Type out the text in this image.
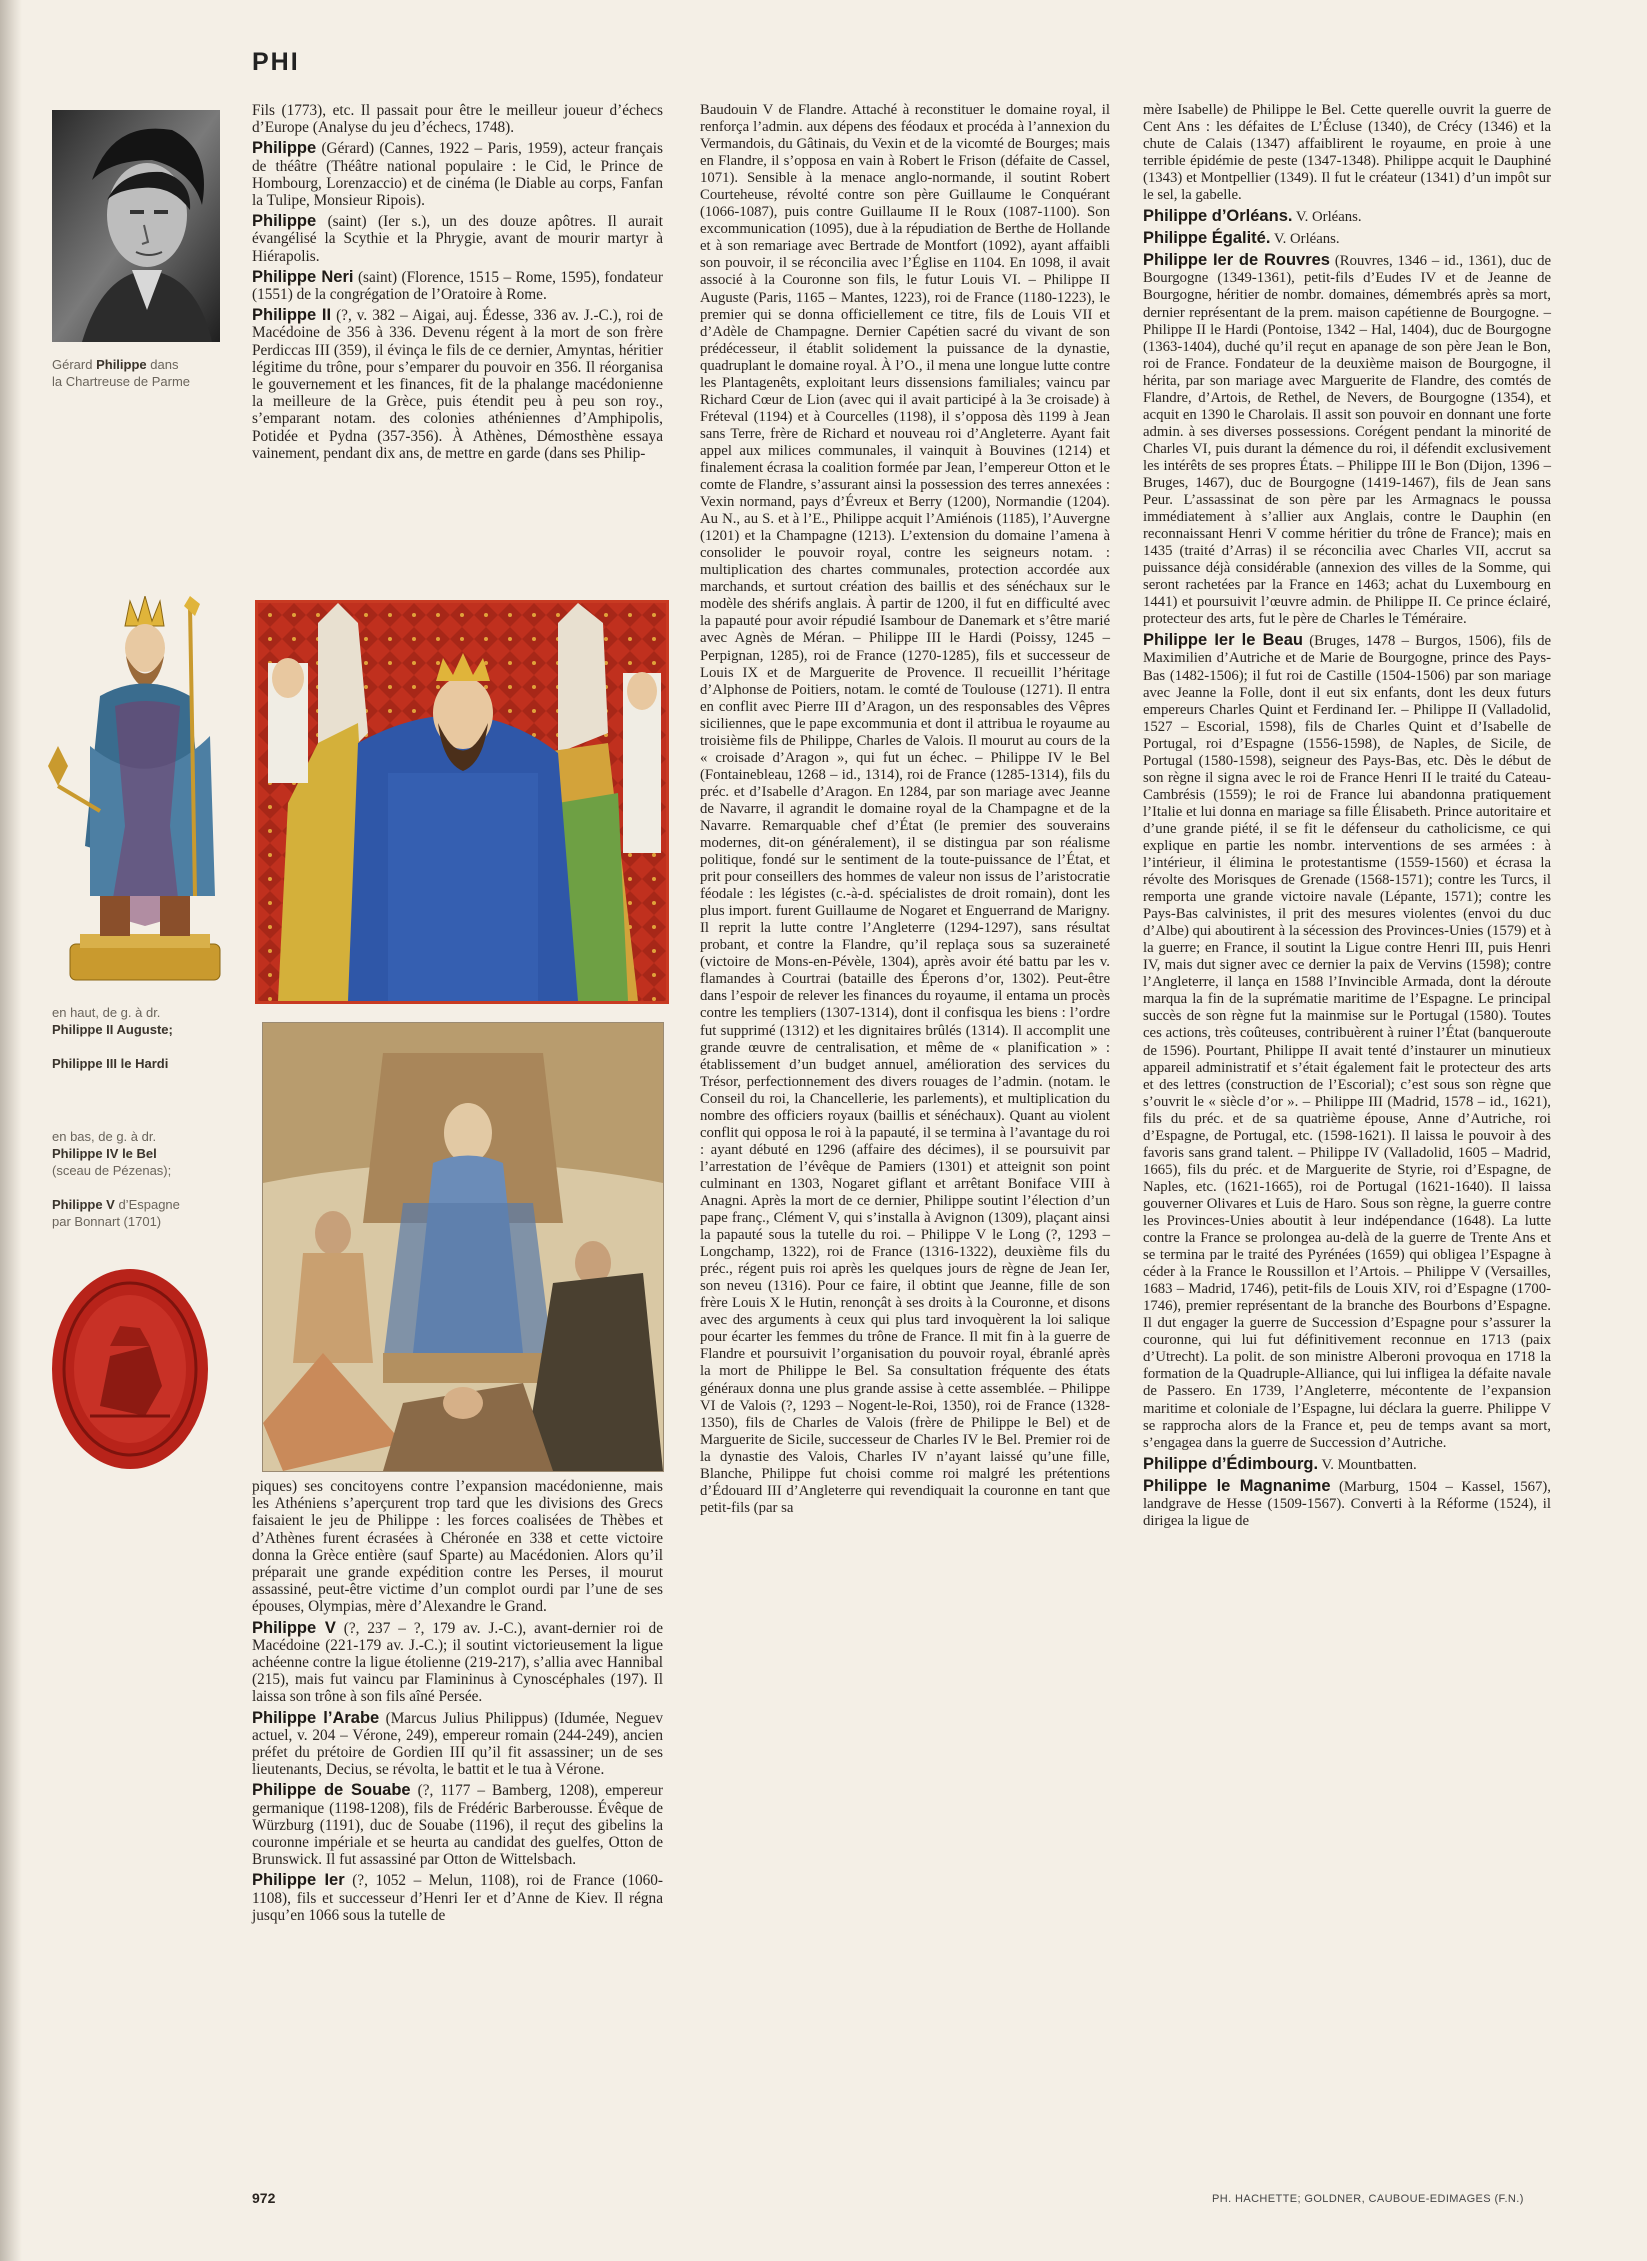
PHI
Gérard Philippe dans
la Chartreuse de Parme
en haut, de g. à dr.
Philippe II Auguste;

Philippe III le Hardi
en bas, de g. à dr.
Philippe IV le Bel
(sceau de Pézenas);

Philippe V d’Espagne
par Bonnart (1701)

Fils (1773), etc. Il passait pour être le meilleur joueur d’échecs d’Europe (Analyse du jeu d’échecs, 1748).

Philippe (Gérard) (Cannes, 1922 – Paris, 1959), acteur français de théâtre (Théâtre national populaire : le Cid, le Prince de Hombourg, Lorenzaccio) et de cinéma (le Diable au corps, Fanfan la Tulipe, Monsieur Ripois).

Philippe (saint) (Ier s.), un des douze apôtres. Il aurait évangélisé la Scythie et la Phrygie, avant de mourir martyr à Hiérapolis.

Philippe Neri (saint) (Florence, 1515 – Rome, 1595), fondateur (1551) de la congrégation de l’Oratoire à Rome.

Philippe II (?, v. 382 – Aigai, auj. Édesse, 336 av. J.-C.), roi de Macédoine de 356 à 336. Devenu régent à la mort de son frère Perdiccas III (359), il évinça le fils de ce dernier, Amyntas, héritier légitime du trône, pour s’emparer du pouvoir en 356. Il réorganisa le gouvernement et les finances, fit de la phalange macédonienne la meilleure de la Grèce, puis étendit peu à peu son roy., s’emparant notam. des colonies athéniennes d’Amphipolis, Potidée et Pydna (357-356). À Athènes, Démosthène essaya vainement, pendant dix ans, de mettre en garde (dans ses Philip-

piques) ses concitoyens contre l’expansion macédonienne, mais les Athéniens s’aperçurent trop tard que les divisions des Grecs faisaient le jeu de Philippe : les forces coalisées de Thèbes et d’Athènes furent écrasées à Chéronée en 338 et cette victoire donna la Grèce entière (sauf Sparte) au Macédonien. Alors qu’il préparait une grande expédition contre les Perses, il mourut assassiné, peut-être victime d’un complot ourdi par l’une de ses épouses, Olympias, mère d’Alexandre le Grand.

Philippe V (?, 237 – ?, 179 av. J.-C.), avant-dernier roi de Macédoine (221-179 av. J.-C.); il soutint victorieusement la ligue achéenne contre la ligue étolienne (219-217), s’allia avec Hannibal (215), mais fut vaincu par Flamininus à Cynoscéphales (197). Il laissa son trône à son fils aîné Persée.

Philippe l’Arabe (Marcus Julius Philippus) (Idumée, Neguev actuel, v. 204 – Vérone, 249), empereur romain (244-249), ancien préfet du prétoire de Gordien III qu’il fit assassiner; un de ses lieutenants, Decius, se révolta, le battit et le tua à Vérone.

Philippe de Souabe (?, 1177 – Bamberg, 1208), empereur germanique (1198-1208), fils de Frédéric Barberousse. Évêque de Würzburg (1191), duc de Souabe (1196), il reçut des gibelins la couronne impériale et se heurta au candidat des guelfes, Otton de Brunswick. Il fut assassiné par Otton de Wittelsbach.

Philippe Ier (?, 1052 – Melun, 1108), roi de France (1060-1108), fils et successeur d’Henri Ier et d’Anne de Kiev. Il régna jusqu’en 1066 sous la tutelle de

Baudouin V de Flandre. Attaché à reconstituer le domaine royal, il renforça l’admin. aux dépens des féodaux et procéda à l’annexion du Vermandois, du Gâtinais, du Vexin et de la vicomté de Bourges; mais en Flandre, il s’opposa en vain à Robert le Frison (défaite de Cassel, 1071). Sensible à la menace anglo-normande, il soutint Robert Courteheuse, révolté contre son père Guillaume le Conquérant (1066-1087), puis contre Guillaume II le Roux (1087-1100). Son excommunication (1095), due à la répudiation de Berthe de Hollande et à son remariage avec Bertrade de Montfort (1092), ayant affaibli son pouvoir, il se réconcilia avec l’Église en 1104. En 1098, il avait associé à la Couronne son fils, le futur Louis VI. – Philippe II Auguste (Paris, 1165 – Mantes, 1223), roi de France (1180-1223), le premier qui se donna officiellement ce titre, fils de Louis VII et d’Adèle de Champagne. Dernier Capétien sacré du vivant de son prédécesseur, il établit solidement la puissance de la dynastie, quadruplant le domaine royal. À l’O., il mena une longue lutte contre les Plantagenêts, exploitant leurs dissensions familiales; vaincu par Richard Cœur de Lion (avec qui il avait participé à la 3e croisade) à Fréteval (1194) et à Courcelles (1198), il s’opposa dès 1199 à Jean sans Terre, frère de Richard et nouveau roi d’Angleterre. Ayant fait appel aux milices communales, il vainquit à Bouvines (1214) et finalement écrasa la coalition formée par Jean, l’empereur Otton et le comte de Flandre, s’assurant ainsi la possession des terres annexées : Vexin normand, pays d’Évreux et Berry (1200), Normandie (1204). Au N., au S. et à l’E., Philippe acquit l’Amiénois (1185), l’Auvergne (1201) et la Champagne (1213). L’extension du domaine l’amena à consolider le pouvoir royal, contre les seigneurs notam. : multiplication des chartes communales, protection accordée aux marchands, et surtout création des baillis et des sénéchaux sur le modèle des shérifs anglais. À partir de 1200, il fut en difficulté avec la papauté pour avoir répudié Isambour de Danemark et s’être marié avec Agnès de Méran. – Philippe III le Hardi (Poissy, 1245 – Perpignan, 1285), roi de France (1270-1285), fils et successeur de Louis IX et de Marguerite de Provence. Il recueillit l’héritage d’Alphonse de Poitiers, notam. le comté de Toulouse (1271). Il entra en conflit avec Pierre III d’Aragon, un des responsables des Vêpres siciliennes, que le pape excommunia et dont il attribua le royaume au troisième fils de Philippe, Charles de Valois. Il mourut au cours de la « croisade d’Aragon », qui fut un échec. – Philippe IV le Bel (Fontainebleau, 1268 – id., 1314), roi de France (1285-1314), fils du préc. et d’Isabelle d’Aragon. En 1284, par son mariage avec Jeanne de Navarre, il agrandit le domaine royal de la Champagne et de la Navarre. Remarquable chef d’État (le premier des souverains modernes, dit-on généralement), il se distingua par son réalisme politique, fondé sur le sentiment de la toute-puissance de l’État, et prit pour conseillers des hommes de valeur non issus de l’aristocratie féodale : les légistes (c.-à-d. spécialistes de droit romain), dont les plus import. furent Guillaume de Nogaret et Enguerrand de Marigny. Il reprit la lutte contre l’Angleterre (1294-1297), sans résultat probant, et contre la Flandre, qu’il replaça sous sa suzeraineté (victoire de Mons-en-Pévèle, 1304), après avoir été battu par les v. flamandes à Courtrai (bataille des Éperons d’or, 1302). Peut-être dans l’espoir de relever les finances du royaume, il entama un procès contre les templiers (1307-1314), dont il confisqua les biens : l’ordre fut supprimé (1312) et les dignitaires brûlés (1314). Il accomplit une grande œuvre de centralisation, et même de « planification » : établissement d’un budget annuel, amélioration des services du Trésor, perfectionnement des divers rouages de l’admin. (notam. le Conseil du roi, la Chancellerie, les parlements), et multiplication du nombre des officiers royaux (baillis et sénéchaux). Quant au violent conflit qui opposa le roi à la papauté, il se termina à l’avantage du roi : ayant débuté en 1296 (affaire des décimes), il se poursuivit par l’arrestation de l’évêque de Pamiers (1301) et atteignit son point culminant en 1303, Nogaret giflant et arrêtant Boniface VIII à Anagni. Après la mort de ce dernier, Philippe soutint l’élection d’un pape franç., Clément V, qui s’installa à Avignon (1309), plaçant ainsi la papauté sous la tutelle du roi. – Philippe V le Long (?, 1293 – Longchamp, 1322), roi de France (1316-1322), deuxième fils du préc., régent puis roi après les quelques jours de règne de Jean Ier, son neveu (1316). Pour ce faire, il obtint que Jeanne, fille de son frère Louis X le Hutin, renonçât à ses droits à la Couronne, et disons avec des arguments à ceux qui plus tard invoquèrent la loi salique pour écarter les femmes du trône de France. Il mit fin à la guerre de Flandre et poursuivit l’organisation du pouvoir royal, ébranlé après la mort de Philippe le Bel. Sa consultation fréquente des états généraux donna une plus grande assise à cette assemblée. – Philippe VI de Valois (?, 1293 – Nogent-le-Roi, 1350), roi de France (1328-1350), fils de Charles de Valois (frère de Philippe le Bel) et de Marguerite de Sicile, successeur de Charles IV le Bel. Premier roi de la dynastie des Valois, Charles IV n’ayant laissé qu’une fille, Blanche, Philippe fut choisi comme roi malgré les prétentions d’Édouard III d’Angleterre qui revendiquait la couronne en tant que petit-fils (par sa

mère Isabelle) de Philippe le Bel. Cette querelle ouvrit la guerre de Cent Ans : les défaites de L’Écluse (1340), de Crécy (1346) et la chute de Calais (1347) affaiblirent le royaume, en proie à une terrible épidémie de peste (1347-1348). Philippe acquit le Dauphiné (1343) et Montpellier (1349). Il fut le créateur (1341) d’un impôt sur le sel, la gabelle.

Philippe d’Orléans. V. Orléans.

Philippe Égalité. V. Orléans.

Philippe Ier de Rouvres (Rouvres, 1346 – id., 1361), duc de Bourgogne (1349-1361), petit-fils d’Eudes IV et de Jeanne de Bourgogne, héritier de nombr. domaines, démembrés après sa mort, dernier représentant de la prem. maison capétienne de Bourgogne. – Philippe II le Hardi (Pontoise, 1342 – Hal, 1404), duc de Bourgogne (1363-1404), duché qu’il reçut en apanage de son père Jean le Bon, roi de France. Fondateur de la deuxième maison de Bourgogne, il hérita, par son mariage avec Marguerite de Flandre, des comtés de Flandre, d’Artois, de Rethel, de Nevers, de Bourgogne (1354), et acquit en 1390 le Charolais. Il assit son pouvoir en donnant une forte admin. à ses diverses possessions. Corégent pendant la minorité de Charles VI, puis durant la démence du roi, il défendit exclusivement les intérêts de ses propres États. – Philippe III le Bon (Dijon, 1396 – Bruges, 1467), duc de Bourgogne (1419-1467), fils de Jean sans Peur. L’assassinat de son père par les Armagnacs le poussa immédiatement à s’allier aux Anglais, contre le Dauphin (en reconnaissant Henri V comme héritier du trône de France); mais en 1435 (traité d’Arras) il se réconcilia avec Charles VII, accrut sa puissance déjà considérable (annexion des villes de la Somme, qui seront rachetées par la France en 1463; achat du Luxembourg en 1441) et poursuivit l’œuvre admin. de Philippe II. Ce prince éclairé, protecteur des arts, fut le père de Charles le Téméraire.

Philippe Ier le Beau (Bruges, 1478 – Burgos, 1506), fils de Maximilien d’Autriche et de Marie de Bourgogne, prince des Pays-Bas (1482-1506); il fut roi de Castille (1504-1506) par son mariage avec Jeanne la Folle, dont il eut six enfants, dont les deux futurs empereurs Charles Quint et Ferdinand Ier. – Philippe II (Valladolid, 1527 – Escorial, 1598), fils de Charles Quint et d’Isabelle de Portugal, roi d’Espagne (1556-1598), de Naples, de Sicile, de Portugal (1580-1598), seigneur des Pays-Bas, etc. Dès le début de son règne il signa avec le roi de France Henri II le traité du Cateau-Cambrésis (1559); le roi de France lui abandonna pratiquement l’Italie et lui donna en mariage sa fille Élisabeth. Prince autoritaire et d’une grande piété, il se fit le défenseur du catholicisme, ce qui explique en partie les nombr. interventions de ses armées : à l’intérieur, il élimina le protestantisme (1559-1560) et écrasa la révolte des Morisques de Grenade (1568-1571); contre les Turcs, il remporta une grande victoire navale (Lépante, 1571); contre les Pays-Bas calvinistes, il prit des mesures violentes (envoi du duc d’Albe) qui aboutirent à la sécession des Provinces-Unies (1579) et à la guerre; en France, il soutint la Ligue contre Henri III, puis Henri IV, mais dut signer avec ce dernier la paix de Vervins (1598); contre l’Angleterre, il lança en 1588 l’Invincible Armada, dont la déroute marqua la fin de la suprématie maritime de l’Espagne. Le principal succès de son règne fut la mainmise sur le Portugal (1580). Toutes ces actions, très coûteuses, contribuèrent à ruiner l’État (banqueroute de 1596). Pourtant, Philippe II avait tenté d’instaurer un minutieux appareil administratif et s’était également fait le protecteur des arts et des lettres (construction de l’Escorial); c’est sous son règne que s’ouvrit le « siècle d’or ». – Philippe III (Madrid, 1578 – id., 1621), fils du préc. et de sa quatrième épouse, Anne d’Autriche, roi d’Espagne, de Portugal, etc. (1598-1621). Il laissa le pouvoir à des favoris sans grand talent. – Philippe IV (Valladolid, 1605 – Madrid, 1665), fils du préc. et de Marguerite de Styrie, roi d’Espagne, de Naples, etc. (1621-1665), roi de Portugal (1621-1640). Il laissa gouverner Olivares et Luis de Haro. Sous son règne, la guerre contre les Provinces-Unies aboutit à leur indépendance (1648). La lutte contre la France se prolongea au-delà de la guerre de Trente Ans et se termina par le traité des Pyrénées (1659) qui obligea l’Espagne à céder à la France le Roussillon et l’Artois. – Philippe V (Versailles, 1683 – Madrid, 1746), petit-fils de Louis XIV, roi d’Espagne (1700-1746), premier représentant de la branche des Bourbons d’Espagne. Il dut engager la guerre de Succession d’Espagne pour s’assurer la couronne, qui lui fut définitivement reconnue en 1713 (paix d’Utrecht). La polit. de son ministre Alberoni provoqua en 1718 la formation de la Quadruple-Alliance, qui lui infligea la défaite navale de Passero. En 1739, l’Angleterre, mécontente de l’expansion maritime et coloniale de l’Espagne, lui déclara la guerre. Philippe V se rapprocha alors de la France et, peu de temps avant sa mort, s’engagea dans la guerre de Succession d’Autriche.

Philippe d’Édimbourg. V. Mountbatten.

Philippe le Magnanime (Marburg, 1504 – Kassel, 1567), landgrave de Hesse (1509-1567). Converti à la Réforme (1524), il dirigea la ligue de

972	PH. HACHETTE; GOLDNER, CAUBOUE-EDIMAGES (F.N.)
